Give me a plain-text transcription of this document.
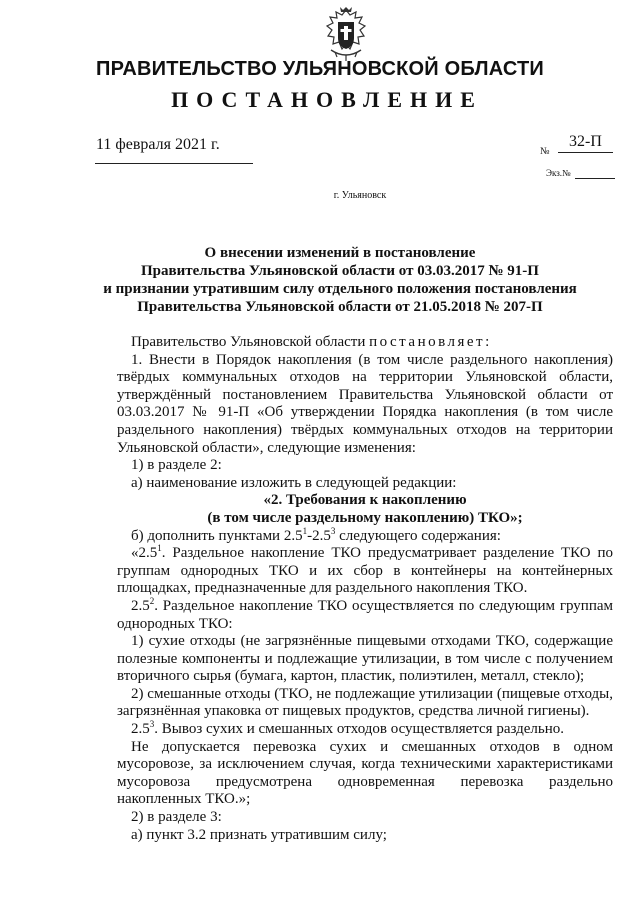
ПРАВИТЕЛЬСТВО УЛЬЯНОВСКОЙ ОБЛАСТИ
ПОСТАНОВЛЕНИЕ
11 февраля 2021 г.	№
32-П
Экз.№
г. Ульяновск
О внесении изменений в постановление
Правительства Ульяновской области от 03.03.2017 № 91-П
и признании утратившим силу отдельного положения постановления
Правительства Ульяновской области от 21.05.2018 № 207-П

Правительство Ульяновской области постановляет:

1. Внести в Порядок накопления (в том числе раздельного накопления) твёрдых коммунальных отходов на территории Ульяновской области, утверждённый постановлением Правительства Ульяновской области от 03.03.2017 № 91-П «Об утверждении Порядка накопления (в том числе раздельного накопления) твёрдых коммунальных отходов на территории Ульяновской области», следующие изменения:

1) в разделе 2:

а) наименование изложить в следующей редакции:

«2. Требования к накоплению

(в том числе раздельному накоплению) ТКО»;

б) дополнить пунктами $2.5^1-2.5^3$ следующего содержания:

«$2.5^1$. Раздельное накопление ТКО предусматривает разделение ТКО по группам однородных ТКО и их сбор в контейнеры на контейнерных площадках, предназначенные для раздельного накопления ТКО.

$2.5^2$. Раздельное накопление ТКО осуществляется по следующим группам однородных ТКО:

1) сухие отходы (не загрязнённые пищевыми отходами ТКО, содержащие полезные компоненты и подлежащие утилизации, в том числе с получением вторичного сырья (бумага, картон, пластик, полиэтилен, металл, стекло);

2) смешанные отходы (ТКО, не подлежащие утилизации (пищевые отходы, загрязнённая упаковка от пищевых продуктов, средства личной гигиены).

$2.5^3$. Вывоз сухих и смешанных отходов осуществляется раздельно.

Не допускается перевозка сухих и смешанных отходов в одном мусоровозе, за исключением случая, когда техническими характеристиками мусоровоза предусмотрена одновременная перевозка раздельно накопленных ТКО.»;

2) в разделе 3:

а) пункт 3.2 признать утратившим силу;
